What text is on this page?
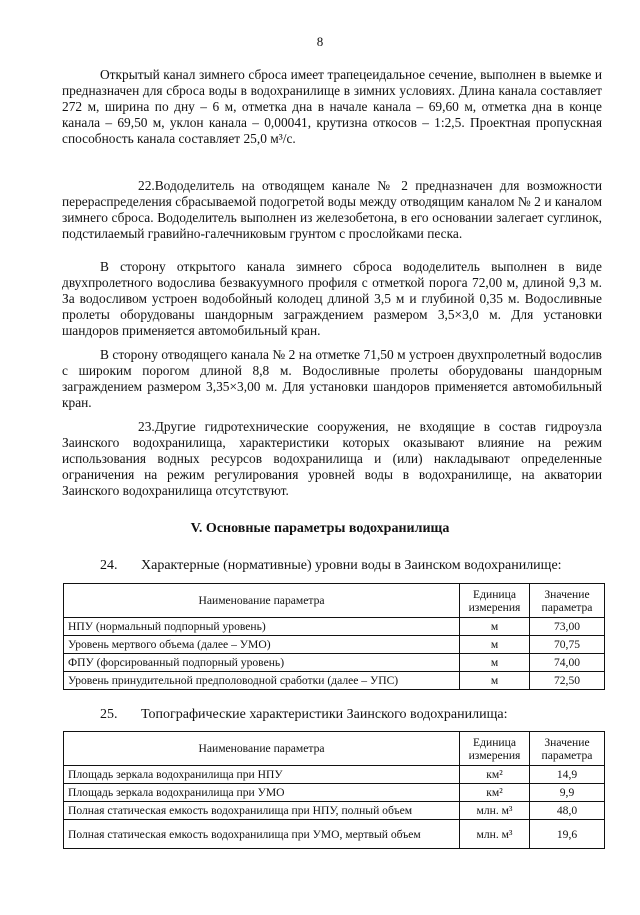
8

Открытый канал зимнего сброса имеет трапецеидальное сечение, выполнен в выемке и предназначен для сброса воды в водохранилище в зимних условиях. Длина канала составляет 272 м, ширина по дну – 6 м, отметка дна в начале канала – 69,60 м, отметка дна в конце канала – 69,50 м, уклон канала – 0,00041, крутизна откосов – 1:2,5. Проектная пропускная способность канала составляет 25,0 м³/с.

22.Вододелитель на отводящем канале № 2 предназначен для возможности перераспределения сбрасываемой подогретой воды между отводящим каналом № 2 и каналом зимнего сброса. Вододелитель выполнен из железобетона, в его основании залегает суглинок, подстилаемый гравийно-галечниковым грунтом с прослойками песка.

В сторону открытого канала зимнего сброса вододелитель выполнен в виде двухпролетного водослива безвакуумного профиля с отметкой порога 72,00 м, длиной 9,3 м. За водосливом устроен водобойный колодец длиной 3,5 м и глубиной 0,35 м. Водосливные пролеты оборудованы шандорным заграждением размером 3,5×3,0 м. Для установки шандоров применяется автомобильный кран.

В сторону отводящего канала № 2 на отметке 71,50 м устроен двухпролетный водослив с широким порогом длиной 8,8 м. Водосливные пролеты оборудованы шандорным заграждением размером 3,35×3,00 м. Для установки шандоров применяется автомобильный кран.

23.Другие гидротехнические сооружения, не входящие в состав гидроузла Заинского водохранилища, характеристики которых оказывают влияние на режим использования водных ресурсов водохранилища и (или) накладывают определенные ограничения на режим регулирования уровней воды в водохранилище, на акватории Заинского водохранилища отсутствуют.

V. Основные параметры водохранилища
24. Характерные (нормативные) уровни воды в Заинском водохранилище:
Наименование параметра	Единица измерения	Значение параметра
НПУ (нормальный подпорный уровень)	м	73,00
Уровень мертвого объема (далее – УМО)	м	70,75
ФПУ (форсированный подпорный уровень)	м	74,00
Уровень принудительной предполоводной сработки (далее – УПС)	м	72,50
25. Топографические характеристики Заинского водохранилища:
Наименование параметра	Единица измерения	Значение параметра
Площадь зеркала водохранилища при НПУ	км²	14,9
Площадь зеркала водохранилища при УМО	км²	9,9
Полная статическая емкость водохранилища при НПУ, полный объем	млн. м³	48,0
Полная статическая емкость водохранилища при УМО, мертвый объем	млн. м³	19,6
